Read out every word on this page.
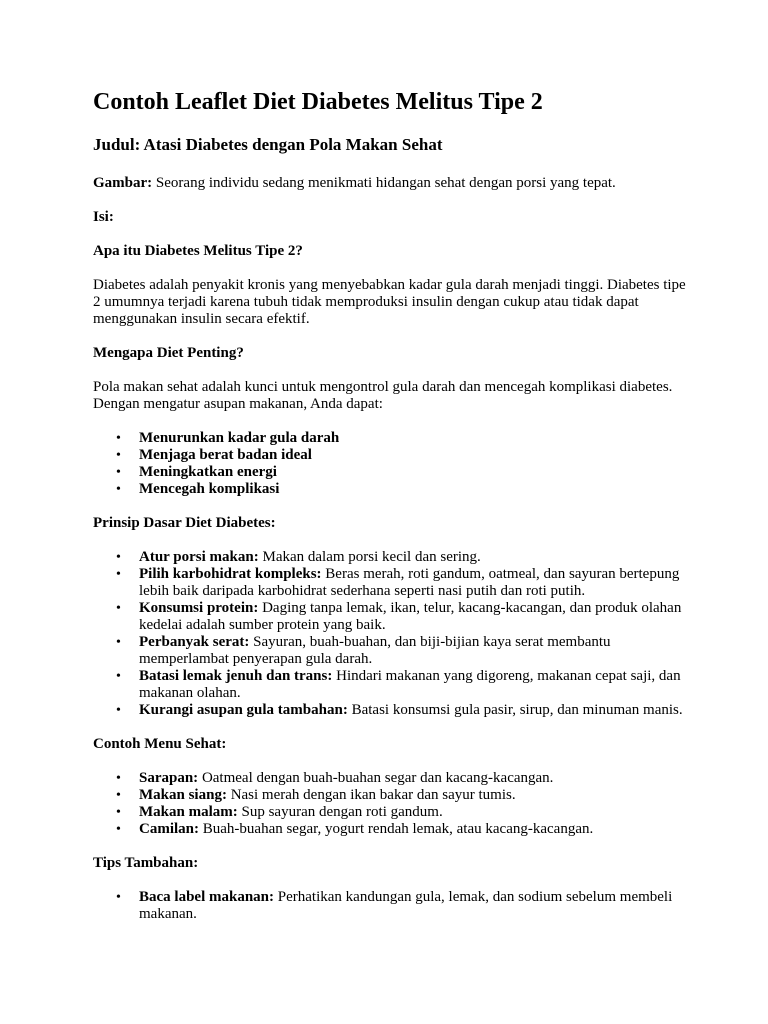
Contoh Leaflet Diet Diabetes Melitus Tipe 2
Judul: Atasi Diabetes dengan Pola Makan Sehat

Gambar: Seorang individu sedang menikmati hidangan sehat dengan porsi yang tepat.

Isi:

Apa itu Diabetes Melitus Tipe 2?

Diabetes adalah penyakit kronis yang menyebabkan kadar gula darah menjadi tinggi. Diabetes tipe 2 umumnya terjadi karena tubuh tidak memproduksi insulin dengan cukup atau tidak dapat menggunakan insulin secara efektif.

Mengapa Diet Penting?

Pola makan sehat adalah kunci untuk mengontrol gula darah dan mencegah komplikasi diabetes. Dengan mengatur asupan makanan, Anda dapat:

• Menurunkan kadar gula darah
• Menjaga berat badan ideal
• Meningkatkan energi
• Mencegah komplikasi

Prinsip Dasar Diet Diabetes:

• Atur porsi makan: Makan dalam porsi kecil dan sering.
• Pilih karbohidrat kompleks: Beras merah, roti gandum, oatmeal, dan sayuran bertepung lebih baik daripada karbohidrat sederhana seperti nasi putih dan roti putih.
• Konsumsi protein: Daging tanpa lemak, ikan, telur, kacang-kacangan, dan produk olahan kedelai adalah sumber protein yang baik.
• Perbanyak serat: Sayuran, buah-buahan, dan biji-bijian kaya serat membantu memperlambat penyerapan gula darah.
• Batasi lemak jenuh dan trans: Hindari makanan yang digoreng, makanan cepat saji, dan makanan olahan.
• Kurangi asupan gula tambahan: Batasi konsumsi gula pasir, sirup, dan minuman manis.

Contoh Menu Sehat:

• Sarapan: Oatmeal dengan buah-buahan segar dan kacang-kacangan.
• Makan siang: Nasi merah dengan ikan bakar dan sayur tumis.
• Makan malam: Sup sayuran dengan roti gandum.
• Camilan: Buah-buahan segar, yogurt rendah lemak, atau kacang-kacangan.

Tips Tambahan:

• Baca label makanan: Perhatikan kandungan gula, lemak, dan sodium sebelum membeli makanan.
